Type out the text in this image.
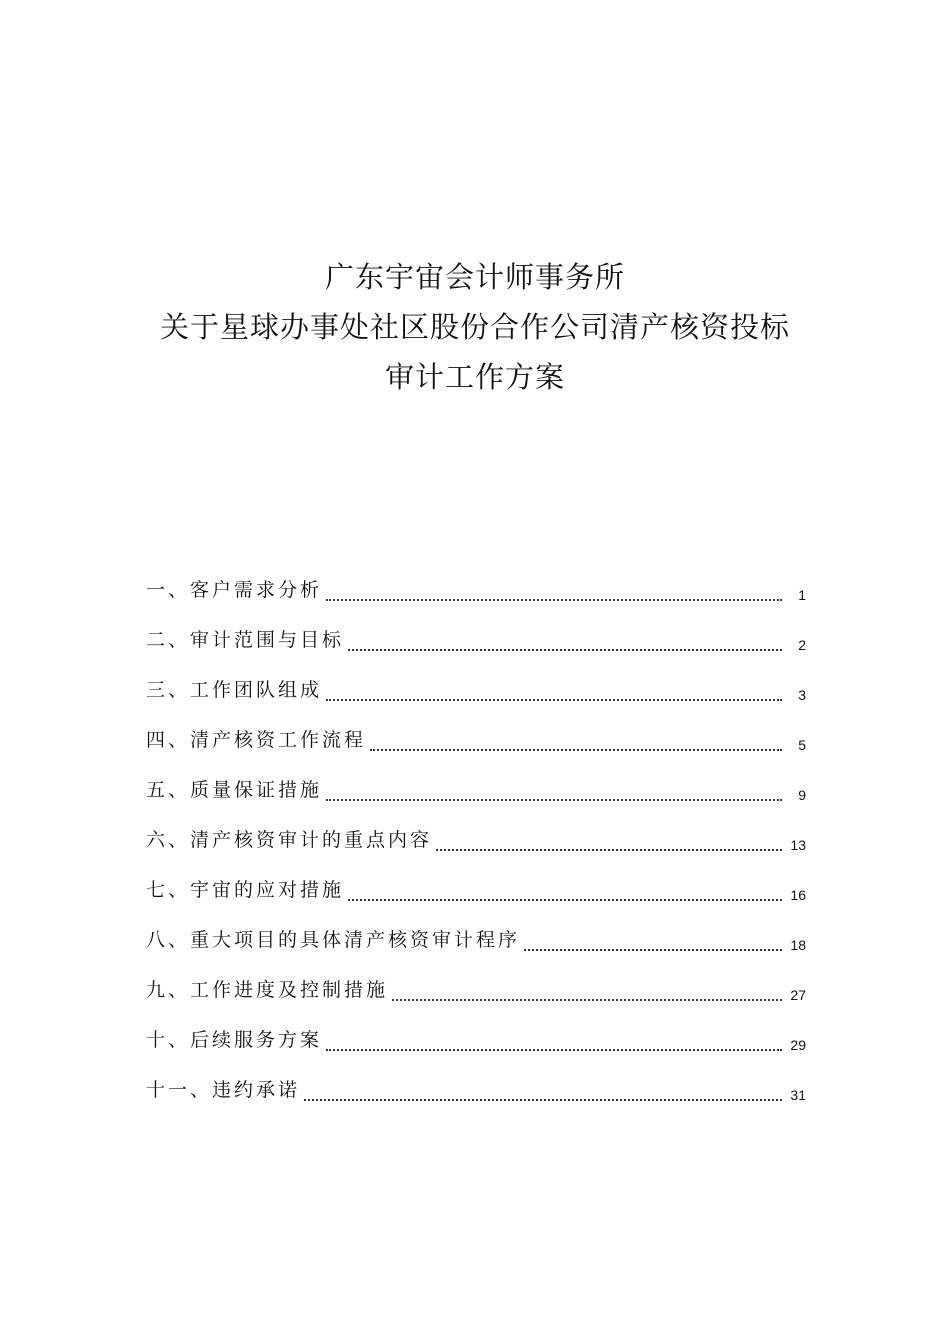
广东宇宙会计师事务所
关于星球办事处社区股份合作公司清产核资投标
审计工作方案
一、客户需求分析	1
二、审计范围与目标	2
三、工作团队组成	3
四、清产核资工作流程	5
五、质量保证措施	9
六、清产核资审计的重点内容	13
七、宇宙的应对措施	16
八、重大项目的具体清产核资审计程序	18
九、工作进度及控制措施	27
十、后续服务方案	29
十一、违约承诺	31
